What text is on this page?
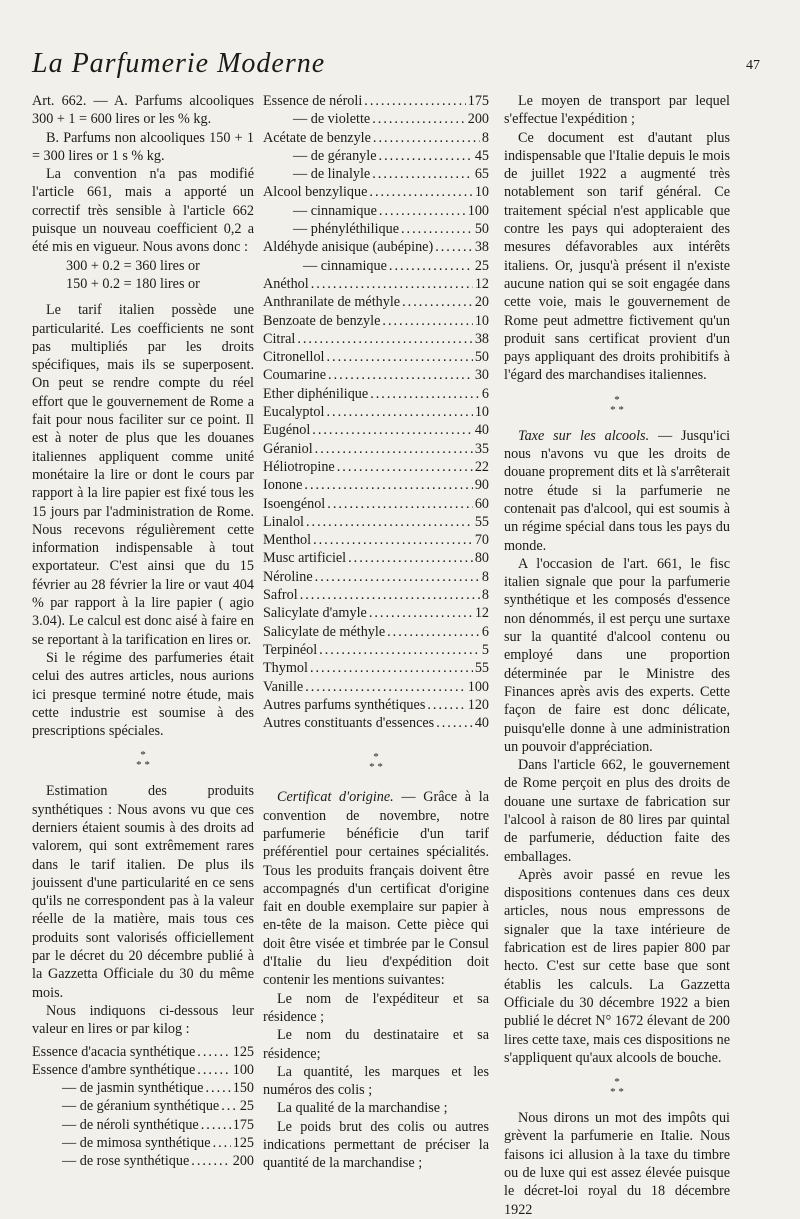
La Parfumerie Moderne	47

Art. 662. — A. Parfums alcooliques 300 + 1 = 600 lires or les % kg.

B. Parfums non alcooliques 150 + 1 = 300 lires or 1 s % kg.

La convention n'a pas modifié l'article 661, mais a apporté un correctif très sensible à l'article 662 puisque un nouveau coefficient 0,2 a été mis en vigueur. Nous avons donc :

300 + 0.2 = 360 lires or

150 + 0.2 = 180 lires or

Le tarif italien possède une particularité. Les coefficients ne sont pas multipliés par les droits spécifiques, mais ils se superposent. On peut se rendre compte du réel effort que le gouvernement de Rome a fait pour nous faciliter sur ce point. Il est à noter de plus que les douanes italiennes appliquent comme unité monétaire la lire or dont le cours par rapport à la lire papier est fixé tous les 15 jours par l'administration de Rome. Nous recevons régulièrement cette information indispensable à tout exportateur. C'est ainsi que du 15 février au 28 février la lire or vaut 404 % par rapport à la lire papier ( agio 3.04). Le calcul est donc aisé à faire en se reportant à la tarification en lires or.

Si le régime des parfumeries était celui des autres articles, nous aurions ici presque terminé notre étude, mais cette industrie est soumise à des prescriptions spéciales.

*
* *

Estimation des produits synthétiques : Nous avons vu que ces derniers étaient soumis à des droits ad valorem, qui sont extrêmement rares dans le tarif italien. De plus ils jouissent d'une particularité en ce sens qu'ils ne correspondent pas à la valeur réelle de la matière, mais tous ces produits sont valorisés officiellement par le décret du 20 décembre publié à la Gazzetta Officiale du 30 du même mois.

Nous indiquons ci-dessous leur valeur en lires or par kilog :

Essence d'acacia synthétique .....	125
Essence d'ambre synthétique .....	100
— de jasmin synthétique ..... 150
— de géranium synthétique ..... 25
— de néroli synthétique ..... 175
— de mimosa synthétique ..... 125
— de rose synthétique .....	200
Essence de néroli .....	175
— de violette .....	200
Acétate de benzyle .....	8
— de géranyle .....	45
— de linalyle .....	65
Alcool benzylique .....	10
— cinnamique .....	100
— phényléthilique .....	50
Aldéhyde anisique (aubépine) .....	38
— cinnamique .....	25
Anéthol .....	12
Anthranilate de méthyle .....	20
Benzoate de benzyle .....	10
Citral .....	38
Citronellol .....	50
Coumarine .....	30
Ether diphénilique .....	6
Eucalyptol .....	10
Eugénol .....	40
Géraniol .....	35
Héliotropine .....	22
Ionone .....	90
Isoengénol .....	60
Linalol .....	55
Menthol .....	70
Musc artificiel .....	80
Néroline .....	8
Safrol .....	8
Salicylate d'amyle .....	12
Salicylate de méthyle .....	6
Terpinéol .....	5
Thymol .....	55
Vanille .....	100
Autres parfums synthétiques .....	120
Autres constituants d'essences .....	40
*
* *

Certificat d'origine. — Grâce à la convention de novembre, notre parfumerie bénéficie d'un tarif préférentiel pour certaines spécialités. Tous les produits français doivent être accompagnés d'un certificat d'origine fait en double exemplaire sur papier à en-tête de la maison. Cette pièce qui doit être visée et timbrée par le Consul d'Italie du lieu d'expédition doit contenir les mentions suivantes:

Le nom de l'expéditeur et sa résidence ;

Le nom du destinataire et sa résidence;

La quantité, les marques et les numéros des colis ;

La qualité de la marchandise ;

Le poids brut des colis ou autres indications permettant de préciser la quantité de la marchandise ;

Le moyen de transport par lequel s'effectue l'expédition ;

Ce document est d'autant plus indispensable que l'Italie depuis le mois de juillet 1922 a augmenté très notablement son tarif général. Ce traitement spécial n'est applicable que contre les pays qui adopteraient des mesures défavorables aux intérêts italiens. Or, jusqu'à présent il n'existe aucune nation qui se soit engagée dans cette voie, mais le gouvernement de Rome peut admettre fictivement qu'un produit sans certificat provient d'un pays appliquant des droits prohibitifs à l'égard des marchandises italiennes.

*
* *

Taxe sur les alcools. — Jusqu'ici nous n'avons vu que les droits de douane proprement dits et là s'arrêterait notre étude si la parfumerie ne contenait pas d'alcool, qui est soumis à un régime spécial dans tous les pays du monde.

A l'occasion de l'art. 661, le fisc italien signale que pour la parfumerie synthétique et les composés d'essence non dénommés, il est perçu une surtaxe sur la quantité d'alcool contenu ou employé dans une proportion déterminée par le Ministre des Finances après avis des experts. Cette façon de faire est donc délicate, puisqu'elle donne à une administration un pouvoir d'appréciation.

Dans l'article 662, le gouvernement de Rome perçoit en plus des droits de douane une surtaxe de fabrication sur l'alcool à raison de 80 lires par quintal de parfumerie, déduction faite des emballages.

Après avoir passé en revue les dispositions contenues dans ces deux articles, nous nous empressons de signaler que la taxe intérieure de fabrication est de lires papier 800 par hecto. C'est sur cette base que sont établis les calculs. La Gazzetta Officiale du 30 décembre 1922 a bien publié le décret N° 1672 élevant de 200 lires cette taxe, mais ces dispositions ne s'appliquent qu'aux alcools de bouche.

*
* *

Nous dirons un mot des impôts qui grèvent la parfumerie en Italie. Nous faisons ici allusion à la taxe du timbre ou de luxe qui est assez élevée puisque le décret-loi royal du 18 décembre 1922
